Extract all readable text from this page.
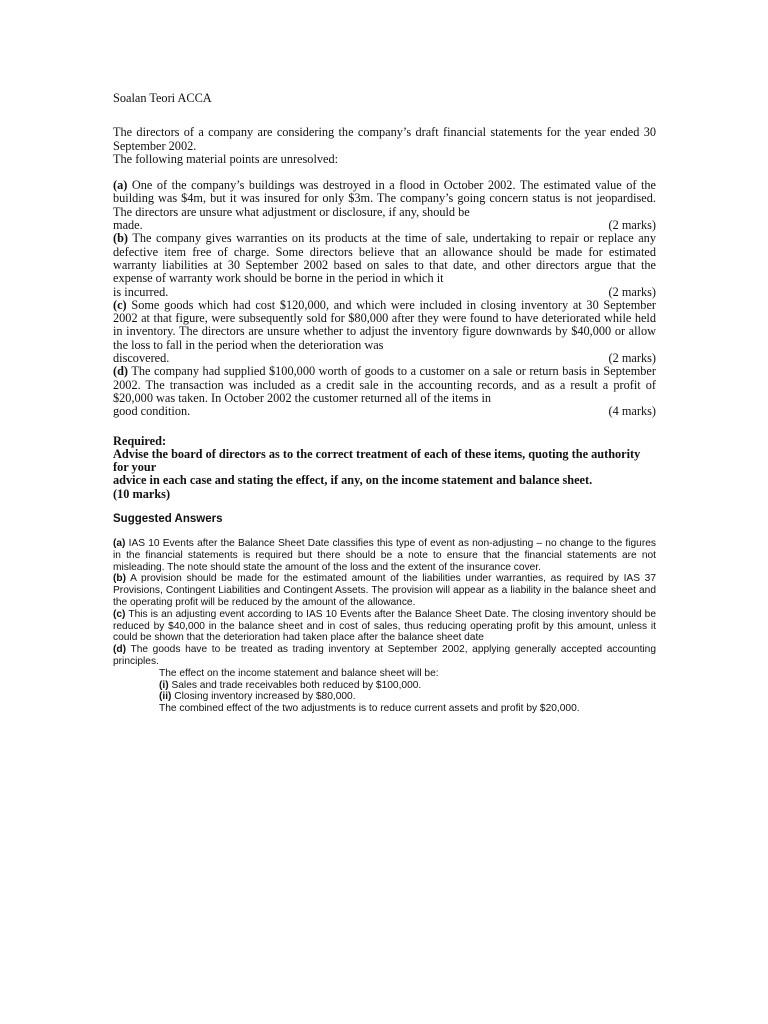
Soalan Teori ACCA
The directors of a company are considering the company’s draft financial statements for the year ended 30 September 2002.
The following material points are unresolved:
(a) One of the company’s buildings was destroyed in a flood in October 2002. The estimated value of the building was $4m, but it was insured for only $3m. The company’s going concern status is not jeopardised. The directors are unsure what adjustment or disclosure, if any, should be
made.	(2 marks)
(b) The company gives warranties on its products at the time of sale, undertaking to repair or replace any defective item free of charge. Some directors believe that an allowance should be made for estimated warranty liabilities at 30 September 2002 based on sales to that date, and other directors argue that the expense of warranty work should be borne in the period in which it
is incurred.	(2 marks)
(c) Some goods which had cost $120,000, and which were included in closing inventory at 30 September 2002 at that figure, were subsequently sold for $80,000 after they were found to have deteriorated while held in inventory. The directors are unsure whether to adjust the inventory figure downwards by $40,000 or allow the loss to fall in the period when the deterioration was
discovered.	(2 marks)
(d) The company had supplied $100,000 worth of goods to a customer on a sale or return basis in September 2002. The transaction was included as a credit sale in the accounting records, and as a result a profit of $20,000 was taken. In October 2002 the customer returned all of the items in
good condition.	(4 marks)
Required:
Advise the board of directors as to the correct treatment of each of these items, quoting the authority for your
advice in each case and stating the effect, if any, on the income statement and balance sheet.
(10 marks)
Suggested Answers
(a) IAS 10 Events after the Balance Sheet Date classifies this type of event as non-adjusting – no change to the figures in the financial statements is required but there should be a note to ensure that the financial statements are not misleading. The note should state the amount of the loss and the extent of the insurance cover.
(b) A provision should be made for the estimated amount of the liabilities under warranties, as required by IAS 37 Provisions, Contingent Liabilities and Contingent Assets. The provision will appear as a liability in the balance sheet and the operating profit will be reduced by the amount of the allowance.
(c) This is an adjusting event according to IAS 10 Events after the Balance Sheet Date. The closing inventory should be reduced by $40,000 in the balance sheet and in cost of sales, thus reducing operating profit by this amount, unless it could be shown that the deterioration had taken place after the balance sheet date
(d) The goods have to be treated as trading inventory at September 2002, applying generally accepted accounting principles.
The effect on the income statement and balance sheet will be:
(i) Sales and trade receivables both reduced by $100,000.
(ii) Closing inventory increased by $80,000.
The combined effect of the two adjustments is to reduce current assets and profit by $20,000.
